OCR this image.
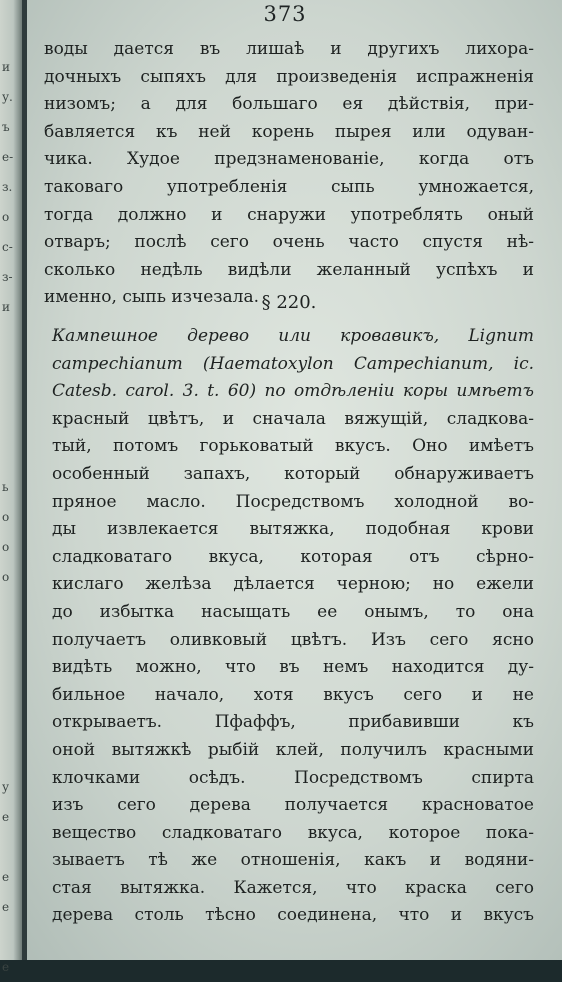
и
у.
ъ
е-
з.
о
с-
з-
и
ь
о
о
о
у
е
е
е
е
373
воды дается въ лишаѣ и другихъ лихора-
дочныхъ сыпяхъ для произведенія испражненія
низомъ; а для большаго ея дѣйствія, при-
бавляется къ ней корень пырея или одуван-
чика. Худое предзнаменованіе, когда отъ
таковаго употребленія сыпь умножается,
тогда должно и снаружи употреблять оный
отваръ; послѣ сего очень часто спустя нѣ-
сколько недѣль видѣли желанный успѣхъ и
именно, сыпь изчезала. § 220.
Кампешное дерево или кровавикъ, Lignum
campechianum (Haematoxylon Campechianum, ic.
Catesb. carol. 3. t. 60) по отдѣленіи коры имѣетъ
красный цвѣтъ, и сначала вяжущій, сладкова-
тый, потомъ горьковатый вкусъ. Оно имѣетъ
особенный запахъ, который обнаруживаетъ
пряное масло. Посредствомъ холодной во-
ды извлекается вытяжка, подобная крови
сладковатаго вкуса, которая отъ сѣрно-
кислаго желѣза дѣлается черною; но ежели
до избытка насыщать ее онымъ, то она
получаетъ оливковый цвѣтъ. Изъ сего ясно
видѣть можно, что въ немъ находится ду-
бильное начало, хотя вкусъ сего и не
открываетъ. Пфаффъ, прибавивши къ
оной вытяжкѣ рыбій клей, получилъ красными
клочками осѣдъ. Посредствомъ спирта
изъ сего дерева получается красноватое
вещество сладковатаго вкуса, которое пока-
зываетъ тѣ же отношенія, какъ и водяни-
стая вытяжка. Кажется, что краска сего
дерева столь тѣсно соединена, что и вкусъ
